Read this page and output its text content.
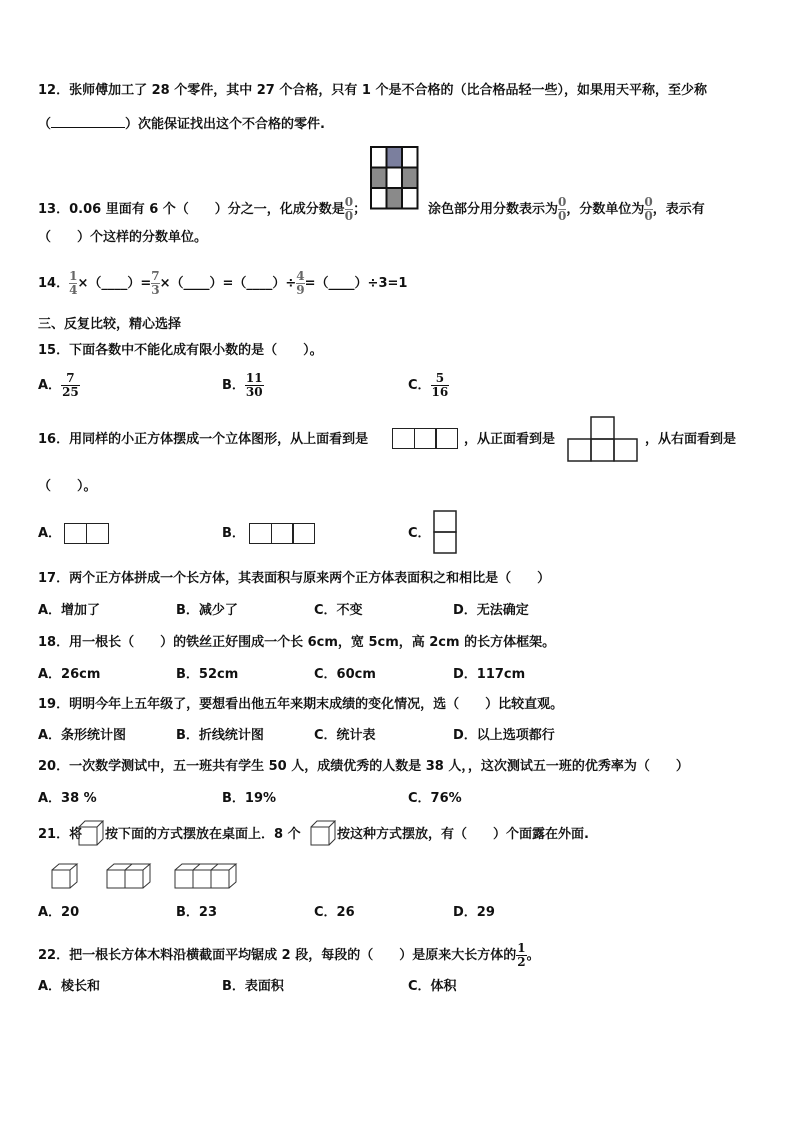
12．张师傅加工了 28 个零件，其中 27 个合格，只有 1 个是不合格的（比合格品轻一些），如果用天平称，至少称
（	）次能保证找出这个不合格的零件.
13．0.06 里面有 6 个（　　）分之一，化成分数是 $\frac{0}{0}$ ；	涂色部分用分数表示为 $\frac{0}{0}$ ，分数单位为 $\frac{0}{0}$ ，表示有
（　　）个这样的分数单位。
14． $\frac{1}{4}$ ×（____）= $\frac{7}{3}$ ×（____）=（____）÷ $\frac{4}{9}$ =（____）÷3=1
三、反复比较，精心选择
15．下面各数中不能化成有限小数的是（　　）。
A． $\frac{7}{25}$	B． $\frac{11}{30}$	C． $\frac{5}{16}$
16．用同样的小正方体摆成一个立体图形，从上面看到是	，从正面看到是	，从右面看到是
（　　）。
A．	B．	C．
17．两个正方体拼成一个长方体，其表面积与原来两个正方体表面积之和相比是（　　）
A．增加了	B．减少了	C．不变	D．无法确定
18．用一根长（　　）的铁丝正好围成一个长 6cm，宽 5cm，高 2cm 的长方体框架。
A．26cm	B．52cm	C．60cm	D．117cm
19．明明今年上五年级了，要想看出他五年来期末成绩的变化情况，选（　　）比较直观。
A．条形统计图	B．折线统计图	C．统计表	D．以上选项都行
20．一次数学测试中，五一班共有学生 50 人，成绩优秀的人数是 38 人，，这次测试五一班的优秀率为（　　）
A．38 %	B．19%	C．76%
21．将 按下面的方式摆放在桌面上．8 个	按这种方式摆放，有（　　）个面露在外面.
A．20	B．23	C．26	D．29
22．把一根长方体木料沿横截面平均锯成 2 段，每段的（　　）是原来大长方体的 $\frac{1}{2}$ 。
A．棱长和	B．表面积	C．体积
